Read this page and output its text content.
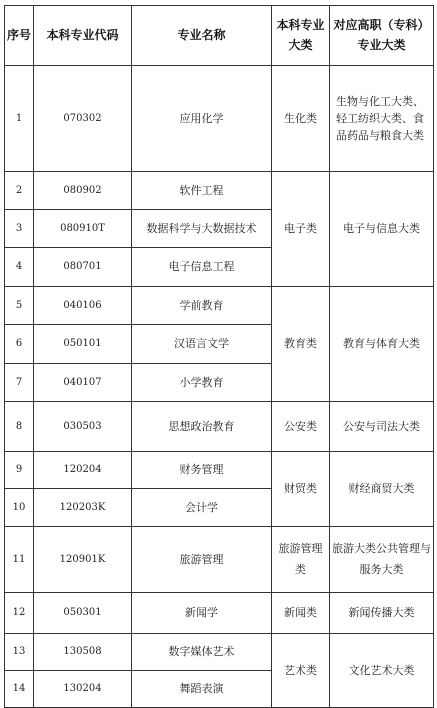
序号	本科专业代码	专业名称	本科专业大类	对应高职（专科）专业大类
1	070302	应用化学	生化类	生物与化工大类、轻工纺织大类、食品药品与粮食大类
2	080902	软件工程	电子类	电子与信息大类
3	080910T	数据科学与大数据技术		
4	080701	电子信息工程		
5	040106	学前教育	教育类	教育与体育大类
6	050101	汉语言文学		
7	040107	小学教育		
8	030503	思想政治教育	公安类	公安与司法大类
9	120204	财务管理	财贸类	财经商贸大类
10	120203K	会计学		
11	120901K	旅游管理	旅游管理类	旅游大类公共管理与服务大类
12	050301	新闻学	新闻类	新闻传播大类
13	130508	数字媒体艺术	艺术类	文化艺术大类
14	130204	舞蹈表演		
